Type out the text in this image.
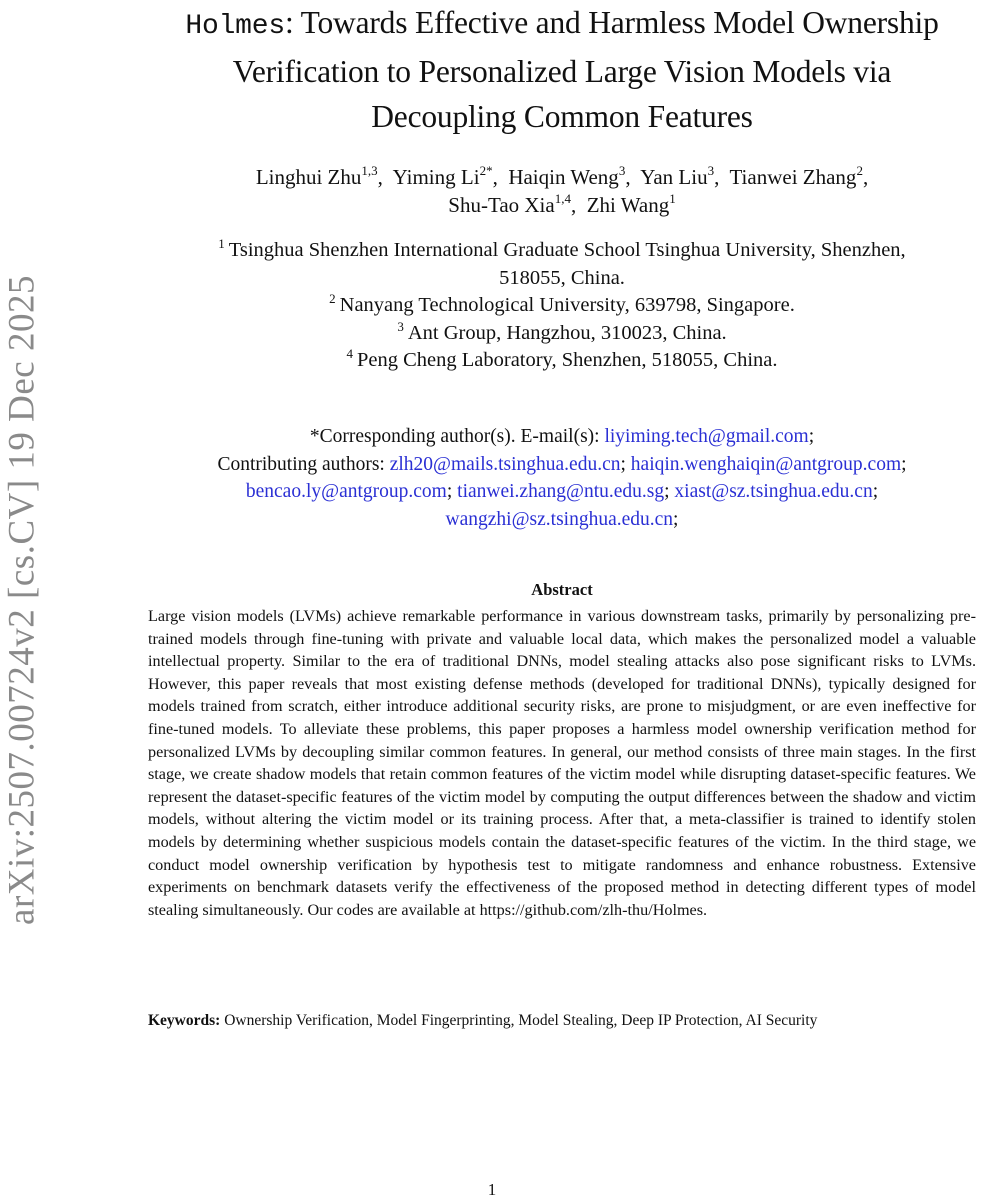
arXiv:2507.00724v2 [cs.CV] 19 Dec 2025
Holmes: Towards Effective and Harmless Model Ownership
Verification to Personalized Large Vision Models via
Decoupling Common Features
Linghui Zhu$^{1,3}$,  Yiming $Li^{2*}$,  Haiqin Weng$^3$,  Yan Liu$^3$,  Tianwei Zhang$^2$,
Shu-Tao Xia$^{1,4}$,  Zhi Wang$^1$
$^1$ Tsinghua Shenzhen International Graduate School Tsinghua University, Shenzhen,
518055, China.
$^2$ Nanyang Technological University, 639798, Singapore.
$^3$ Ant Group, Hangzhou, 310023, China.
$^4$ Peng Cheng Laboratory, Shenzhen, 518055, China.
*Corresponding author(s). E-mail(s): liyiming.tech@gmail.com;
Contributing authors: zlh20@mails.tsinghua.edu.cn; haiqin.wenghaiqin@antgroup.com;
bencao.ly@antgroup.com; tianwei.zhang@ntu.edu.sg; xiast@sz.tsinghua.edu.cn;
wangzhi@sz.tsinghua.edu.cn;
Abstract

Large vision models (LVMs) achieve remarkable performance in various downstream tasks, primarily by personalizing pre-trained models through fine-tuning with private and valuable local data, which makes the personalized model a valuable intellectual property. Similar to the era of traditional DNNs, model stealing attacks also pose significant risks to LVMs. However, this paper reveals that most existing defense methods (developed for traditional DNNs), typically designed for models trained from scratch, either introduce additional security risks, are prone to misjudgment, or are even ineffective for fine-tuned models. To alleviate these problems, this paper proposes a harmless model ownership verification method for personalized LVMs by decoupling similar common features. In general, our method consists of three main stages. In the first stage, we create shadow models that retain common features of the victim model while disrupting dataset-specific features. We represent the dataset-specific features of the victim model by computing the output differences between the shadow and victim models, without altering the victim model or its training process. After that, a meta-classifier is trained to identify stolen models by determining whether suspicious models contain the dataset-specific features of the victim. In the third stage, we conduct model ownership verification by hypothesis test to mitigate randomness and enhance robustness. Extensive experiments on benchmark datasets verify the effectiveness of the proposed method in detecting different types of model stealing simultaneously. Our codes are available at https://github.com/zlh-thu/Holmes.

Keywords: Ownership Verification, Model Fingerprinting, Model Stealing, Deep IP Protection, AI Security
1
